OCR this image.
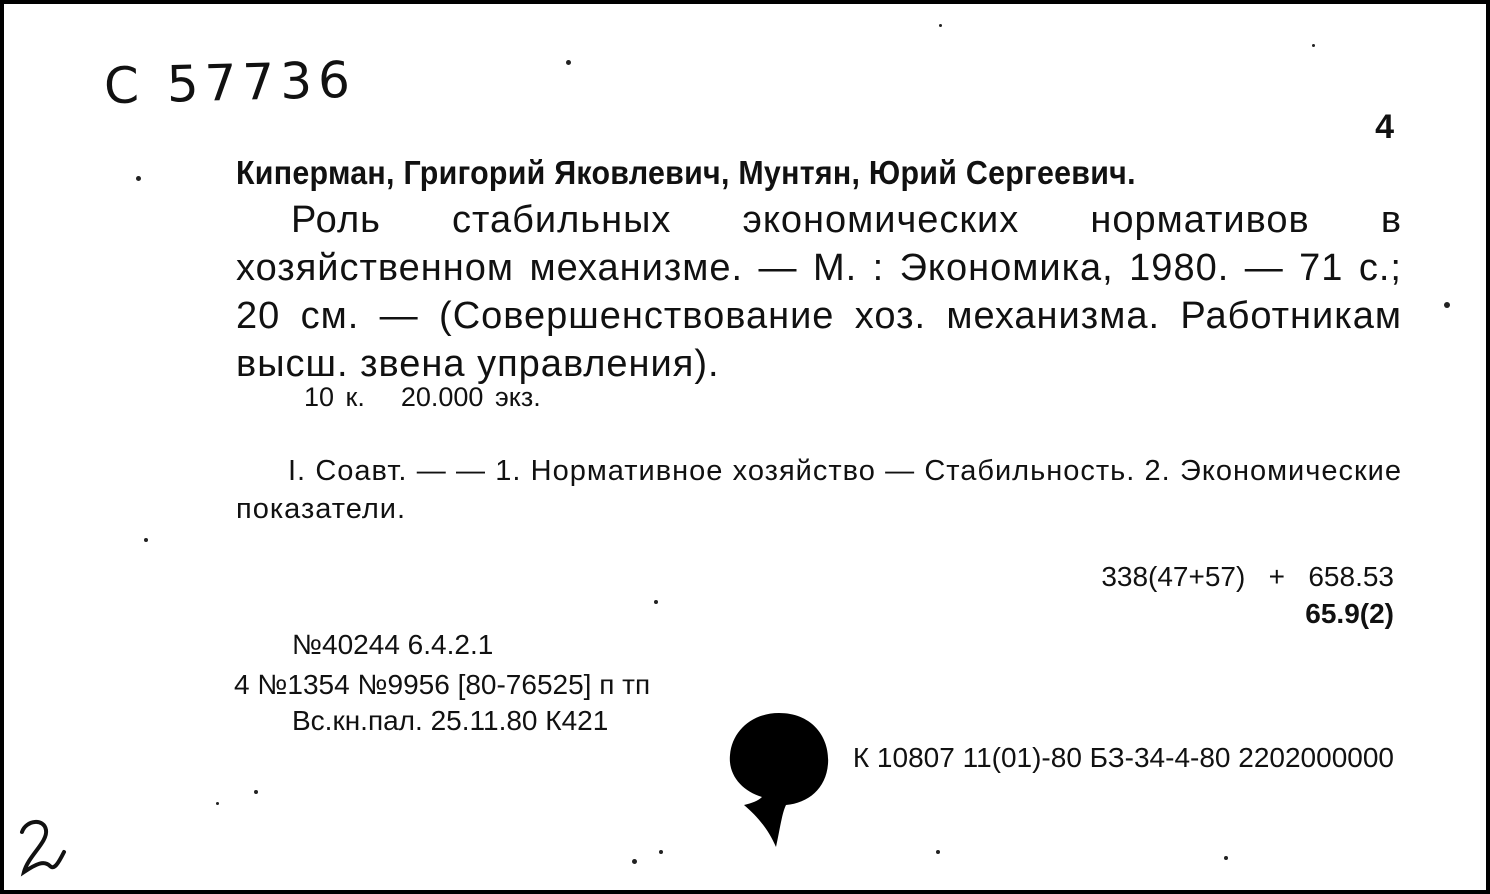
С 57736
4
Киперман, Григорий Яковлевич, Мунтян, Юрий Сергеевич.
Роль стабильных экономических нормативов в хозяйственном механизме. — М. : Экономика, 1980. — 71 с.; 20 см. — (Совершенствование хоз. механизма. Работникам высш. звена управления).
10 к. 20.000 экз.
I. Соавт. — — 1. Нормативное хозяйство — Стабильность. 2. Экономические показатели.
338(47+57)   +   658.53
65.9(2)
№40244 6.4.2.1
4 №1354 №9956 [80-76525] п тп
Вс.кн.пал. 25.11.80 К421
К 10807 11(01)-80 БЗ-34-4-80 2202000000
